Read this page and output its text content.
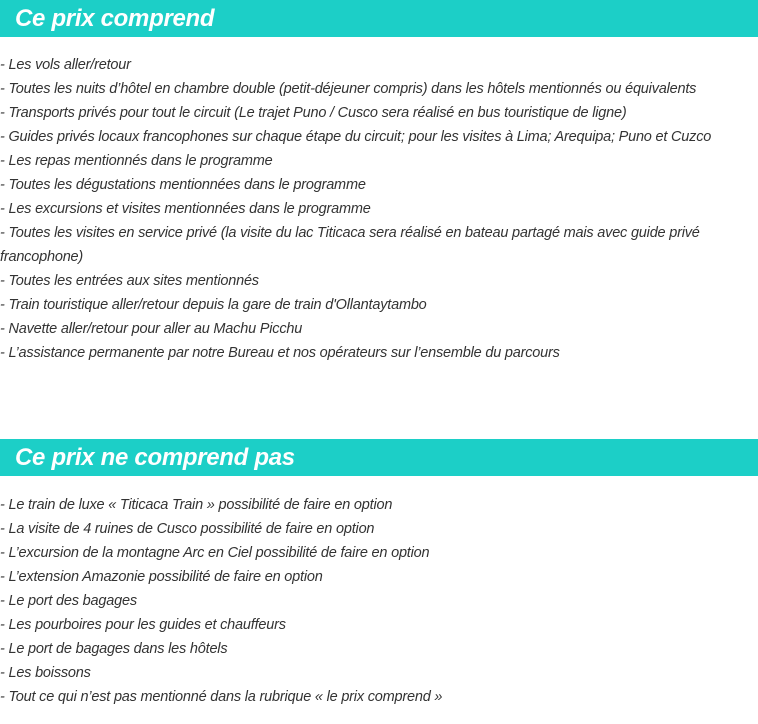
Ce prix comprend
- Les vols aller/retour
- Toutes les nuits d’hôtel en chambre double (petit-déjeuner compris) dans les hôtels mentionnés ou équivalents
- Transports privés pour tout le circuit (Le trajet Puno / Cusco sera réalisé en bus touristique de ligne)
- Guides privés locaux francophones sur chaque étape du circuit; pour les visites à Lima; Arequipa; Puno et Cuzco
- Les repas mentionnés dans le programme
- Toutes les dégustations mentionnées dans le programme
- Les excursions et visites mentionnées dans le programme
- Toutes les visites en service privé (la visite du lac Titicaca sera réalisé en bateau partagé mais avec guide privé francophone)
- Toutes les entrées aux sites mentionnés
- Train touristique aller/retour depuis la gare de train d'Ollantaytambo
- Navette aller/retour pour aller au Machu Picchu
- L’assistance permanente par notre Bureau et nos opérateurs sur l’ensemble du parcours
Ce prix ne comprend pas
- Le train de luxe « Titicaca Train » possibilité de faire en option
- La visite de 4 ruines de Cusco possibilité de faire en option
- L’excursion de la montagne Arc en Ciel possibilité de faire en option
- L’extension Amazonie possibilité de faire en option
- Le port des bagages
- Les pourboires pour les guides et chauffeurs
- Le port de bagages dans les hôtels
- Les boissons
- Tout ce qui n’est pas mentionné dans la rubrique « le prix comprend »
